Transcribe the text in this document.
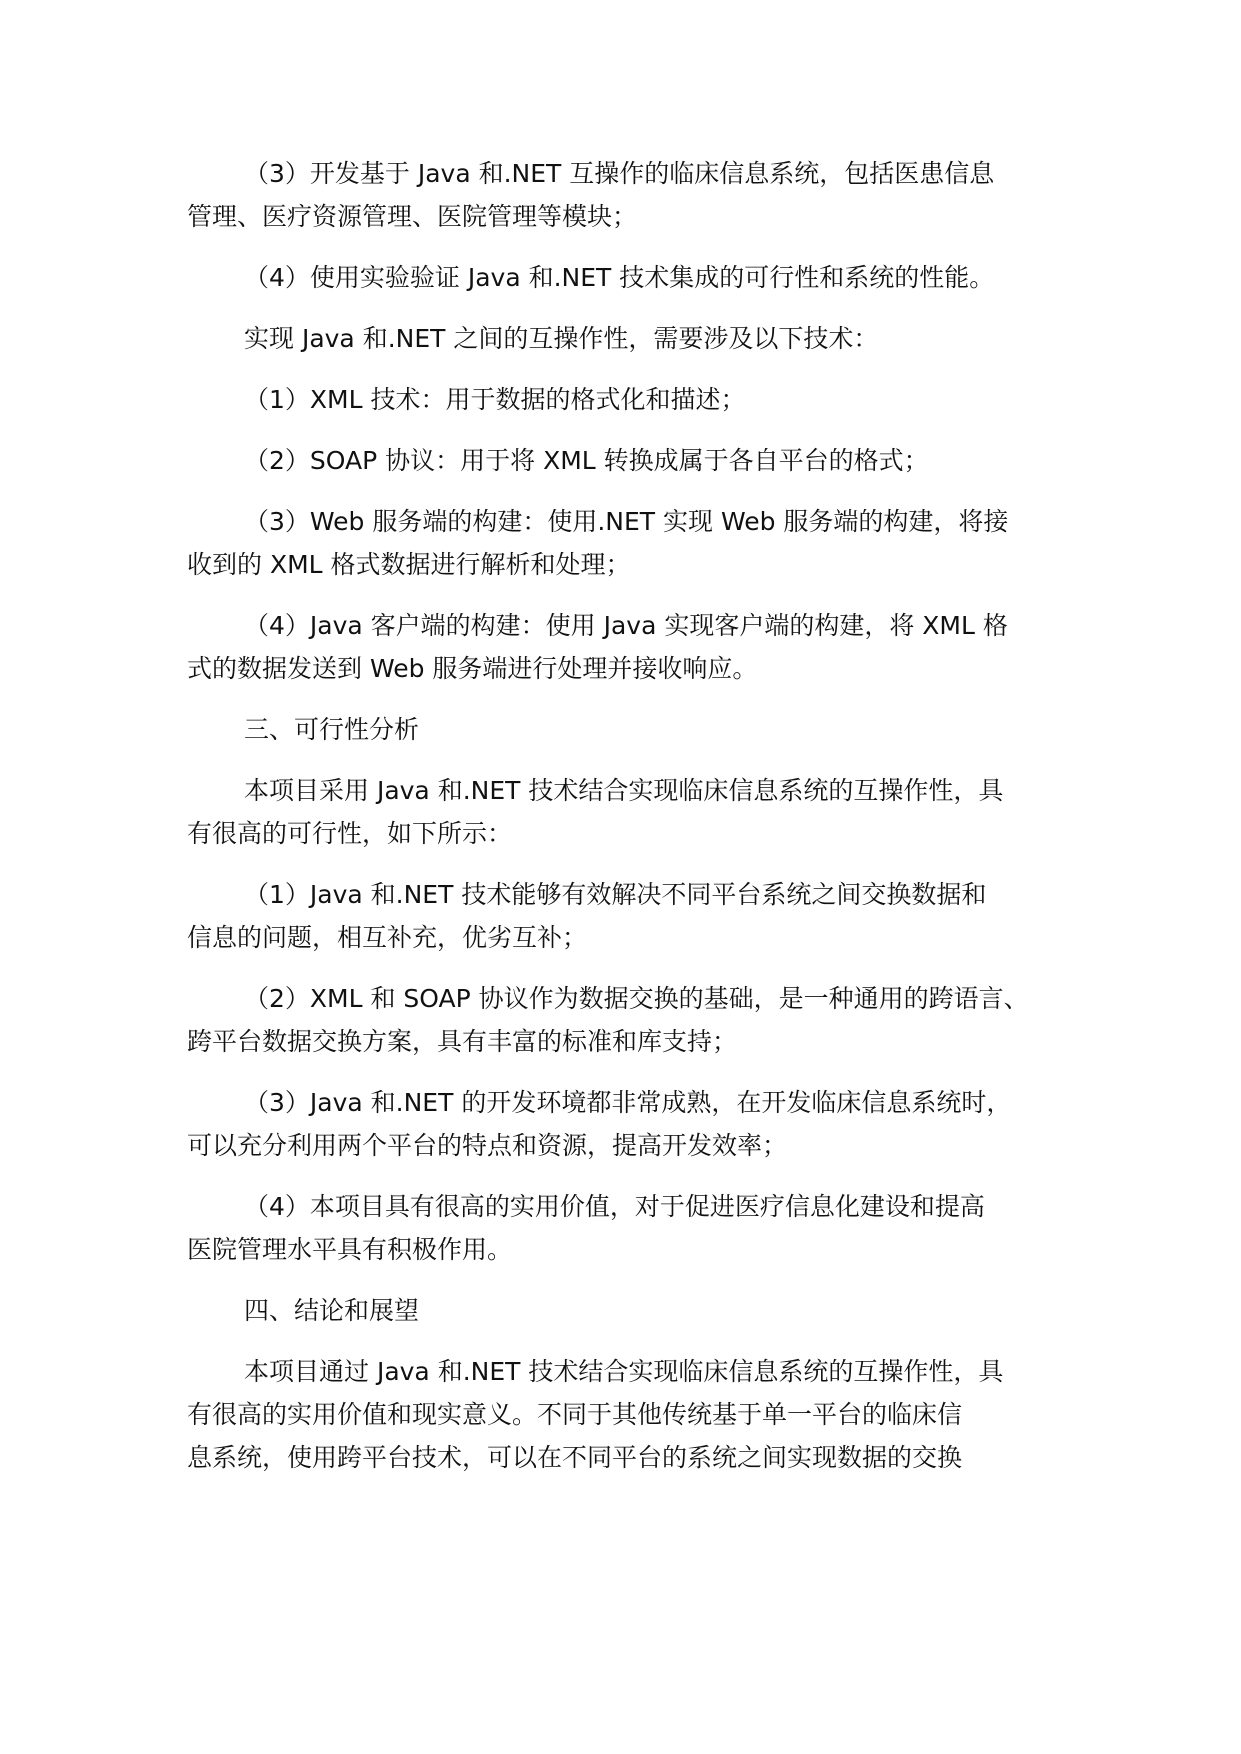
（3）开发基于 Java 和.NET 互操作的临床信息系统，包括医患信息
管理、医疗资源管理、医院管理等模块；

（4）使用实验验证 Java 和.NET 技术集成的可行性和系统的性能。

实现 Java 和.NET 之间的互操作性，需要涉及以下技术：

（1）XML 技术：用于数据的格式化和描述；

（2）SOAP 协议：用于将 XML 转换成属于各自平台的格式；

（3）Web 服务端的构建：使用.NET 实现 Web 服务端的构建，将接
收到的 XML 格式数据进行解析和处理；

（4）Java 客户端的构建：使用 Java 实现客户端的构建，将 XML 格
式的数据发送到 Web 服务端进行处理并接收响应。

三、可行性分析

本项目采用 Java 和.NET 技术结合实现临床信息系统的互操作性，具
有很高的可行性，如下所示：

（1）Java 和.NET 技术能够有效解决不同平台系统之间交换数据和
信息的问题，相互补充，优劣互补；

（2）XML 和 SOAP 协议作为数据交换的基础，是一种通用的跨语言、
跨平台数据交换方案，具有丰富的标准和库支持；

（3）Java 和.NET 的开发环境都非常成熟，在开发临床信息系统时，
可以充分利用两个平台的特点和资源，提高开发效率；

（4）本项目具有很高的实用价值，对于促进医疗信息化建设和提高
医院管理水平具有积极作用。

四、结论和展望

本项目通过 Java 和.NET 技术结合实现临床信息系统的互操作性，具
有很高的实用价值和现实意义。不同于其他传统基于单一平台的临床信
息系统，使用跨平台技术，可以在不同平台的系统之间实现数据的交换
